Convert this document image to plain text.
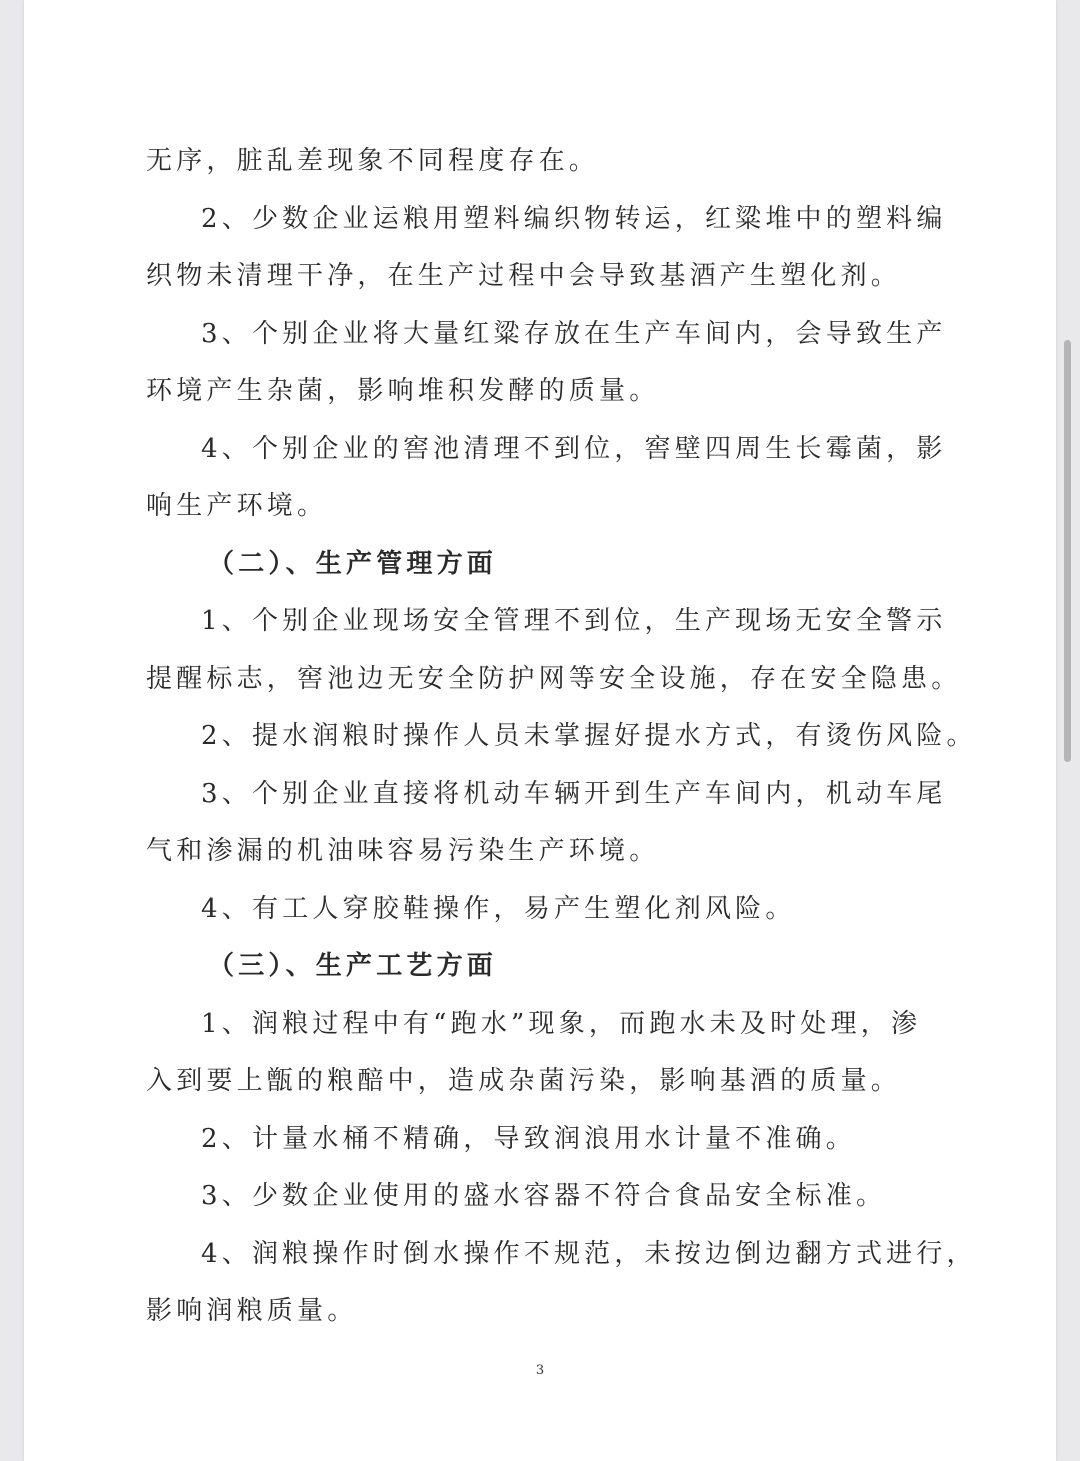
无序，脏乱差现象不同程度存在。
2、少数企业运粮用塑料编织物转运，红粱堆中的塑料编
织物未清理干净，在生产过程中会导致基酒产生塑化剂。
3、个别企业将大量红粱存放在生产车间内，会导致生产
环境产生杂菌，影响堆积发酵的质量。
4、个别企业的窖池清理不到位，窖壁四周生长霉菌，影
响生产环境。
（二）、生产管理方面
1、个别企业现场安全管理不到位，生产现场无安全警示
提醒标志，窖池边无安全防护网等安全设施，存在安全隐患。
2、提水润粮时操作人员未掌握好提水方式，有烫伤风险。
3、个别企业直接将机动车辆开到生产车间内，机动车尾
气和渗漏的机油味容易污染生产环境。
4、有工人穿胶鞋操作，易产生塑化剂风险。
（三）、生产工艺方面
1、润粮过程中有“跑水”现象，而跑水未及时处理，渗
入到要上甑的粮醅中，造成杂菌污染，影响基酒的质量。
2、计量水桶不精确，导致润浪用水计量不准确。
3、少数企业使用的盛水容器不符合食品安全标准。
4、润粮操作时倒水操作不规范，未按边倒边翻方式进行，
影响润粮质量。
3
